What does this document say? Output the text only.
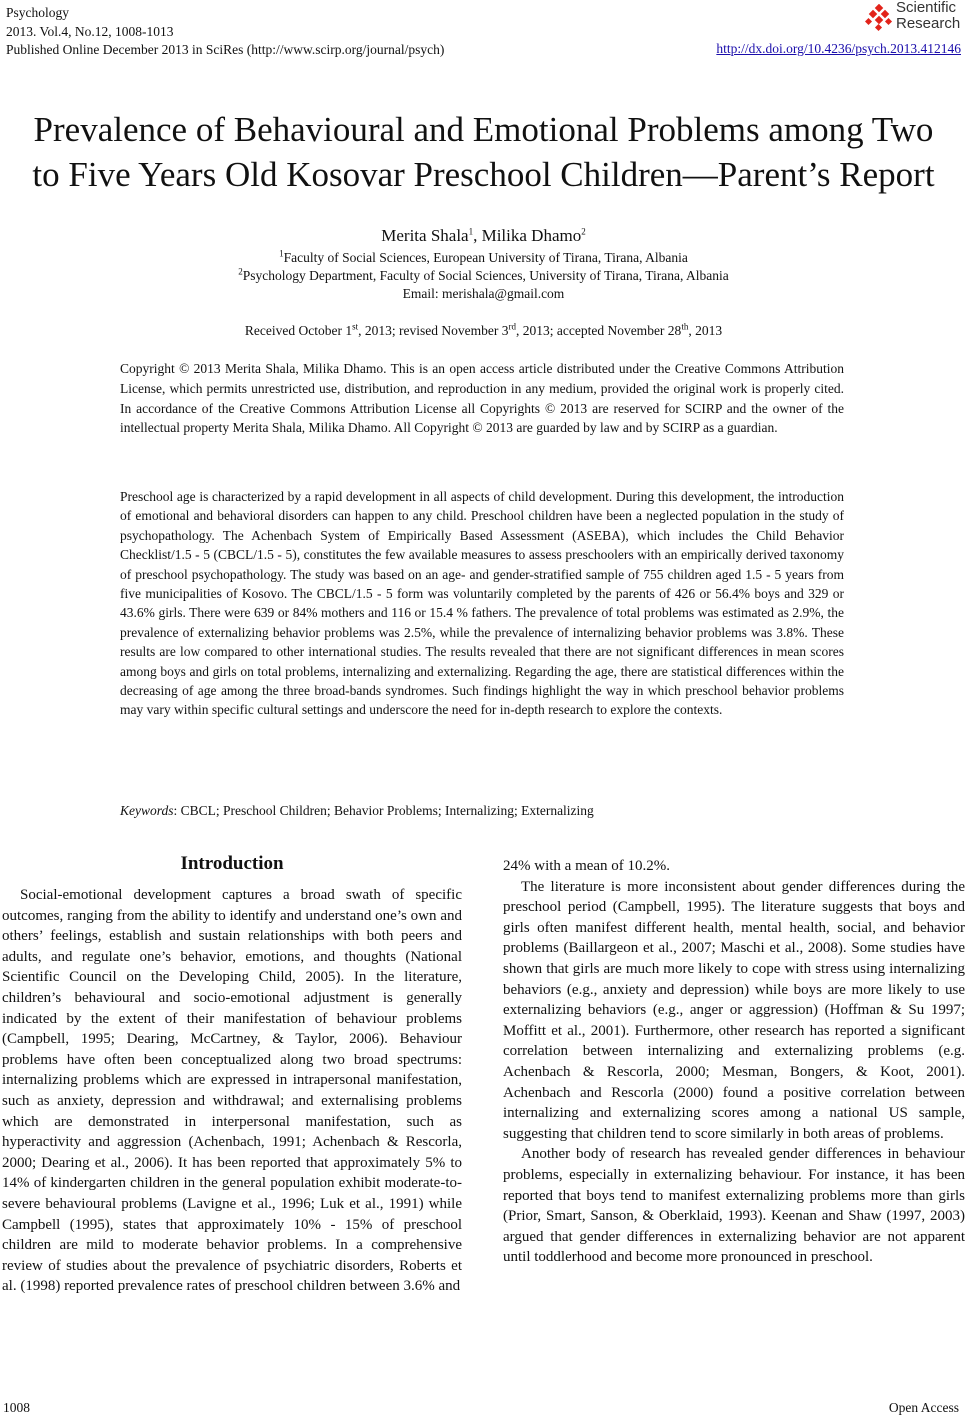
Psychology
2013. Vol.4, No.12, 1008-1013
Published Online December 2013 in SciRes (http://www.scirp.org/journal/psych)
Scientific
Research
http://dx.doi.org/10.4236/psych.2013.412146
Prevalence of Behavioural and Emotional Problems among Two
to Five Years Old Kosovar Preschool Children—Parent’s Report
Merita Shala$^1$, Milika Dhamo$^2$
$^1$Faculty of Social Sciences, European University of Tirana, Tirana, Albania
$^2$Psychology Department, Faculty of Social Sciences, University of Tirana, Tirana, Albania
Email: merishala@gmail.com
Received October 1st, 2013; revised November 3rd, 2013; accepted November 28th, 2013
Copyright © 2013 Merita Shala, Milika Dhamo. This is an open access article distributed under the Creative Commons Attribution License, which permits unrestricted use, distribution, and reproduction in any medium, provided the original work is properly cited. In accordance of the Creative Commons Attribution License all Copyrights © 2013 are reserved for SCIRP and the owner of the intellectual property Merita Shala, Milika Dhamo. All Copyright © 2013 are guarded by law and by SCIRP as a guardian.
Preschool age is characterized by a rapid development in all aspects of child development. During this development, the introduction of emotional and behavioral disorders can happen to any child. Preschool children have been a neglected population in the study of psychopathology. The Achenbach System of Empirically Based Assessment (ASEBA), which includes the Child Behavior Checklist/1.5 - 5 (CBCL/1.5 - 5), constitutes the few available measures to assess preschoolers with an empirically derived taxonomy of preschool psychopathology. The study was based on an age- and gender-stratified sample of 755 children aged 1.5 - 5 years from five municipalities of Kosovo. The CBCL/1.5 - 5 form was voluntarily completed by the parents of 426 or 56.4% boys and 329 or 43.6% girls. There were 639 or 84% mothers and 116 or 15.4 % fathers. The prevalence of total problems was estimated as 2.9%, the prevalence of externalizing behavior problems was 2.5%, while the prevalence of internalizing behavior problems was 3.8%. These results are low compared to other international studies. The results revealed that there are not significant differences in mean scores among boys and girls on total problems, internalizing and externalizing. Regarding the age, there are statistical differences within the decreasing of age among the three broad-bands syndromes. Such findings highlight the way in which preschool behavior problems may vary within specific cultural settings and underscore the need for in-depth research to explore the contexts.
Keywords: CBCL; Preschool Children; Behavior Problems; Internalizing; Externalizing
Introduction

Social-emotional development captures a broad swath of specific outcomes, ranging from the ability to identify and understand one’s own and others’ feelings, establish and sustain relationships with both peers and adults, and regulate one’s behavior, emotions, and thoughts (National Scientific Council on the Developing Child, 2005). In the literature, children’s behavioural and socio-emotional adjustment is generally indicated by the extent of their manifestation of behaviour problems (Campbell, 1995; Dearing, McCartney, & Taylor, 2006). Behaviour problems have often been conceptualized along two broad spectrums: internalizing problems which are expressed in intrapersonal manifestation, such as anxiety, depression and withdrawal; and externalising problems which are demonstrated in interpersonal manifestation, such as hyperactivity and aggression (Achenbach, 1991; Achenbach & Rescorla, 2000; Dearing et al., 2006). It has been reported that approximately 5% to 14% of kindergarten children in the general population exhibit moderate-to-severe behavioural problems (Lavigne et al., 1996; Luk et al., 1991) while Campbell (1995), states that approximately 10% - 15% of preschool children are mild to moderate behavior problems. In a comprehensive review of studies about the prevalence of psychiatric disorders, Roberts et al. (1998) reported prevalence rates of preschool children between 3.6% and

24% with a mean of 10.2%.

The literature is more inconsistent about gender differences during the preschool period (Campbell, 1995). The literature suggests that boys and girls often manifest different health, mental health, social, and behavior problems (Baillargeon et al., 2007; Maschi et al., 2008). Some studies have shown that girls are much more likely to cope with stress using internalizing behaviors (e.g., anxiety and depression) while boys are more likely to use externalizing behaviors (e.g., anger or aggression) (Hoffman & Su 1997; Moffitt et al., 2001). Furthermore, other research has reported a significant correlation between internalizing and externalizing problems (e.g. Achenbach & Rescorla, 2000; Mesman, Bongers, & Koot, 2001). Achenbach and Rescorla (2000) found a positive correlation between internalizing and externalizing scores among a national US sample, suggesting that children tend to score similarly in both areas of problems.

Another body of research has revealed gender differences in behaviour problems, especially in externalizing behaviour. For instance, it has been reported that boys tend to manifest externalizing problems more than girls (Prior, Smart, Sanson, & Oberklaid, 1993). Keenan and Shaw (1997, 2003) argued that gender differences in externalizing behavior are not apparent until toddlerhood and become more pronounced in preschool.

1008	Open Access
